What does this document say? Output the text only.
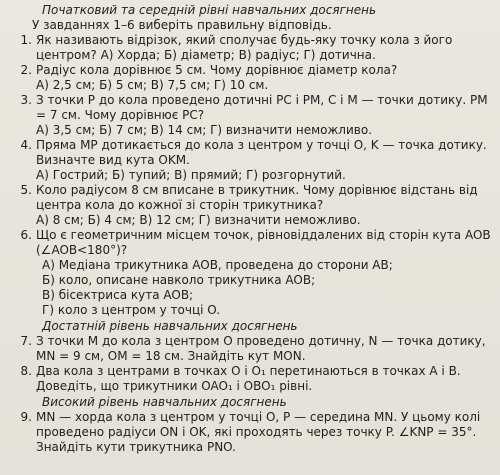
Початковий та середній рівні навчальних досягнень
У завданнях 1–6 виберіть правильну відповідь.
1. Як називають відрізок, який сполучає будь-яку точку кола з його центром? А) Хорда; Б) діаметр; В) радіус; Г) дотична.
2. Радіус кола дорівнює 5 см. Чому дорівнює діаметр кола?
А) 2,5 см; Б) 5 см; В) 7,5 см; Г) 10 см.
3. З точки P до кола проведено дотичні PC і PM, C і M — точки дотику. PM = 7 см. Чому дорівнює PC?
А) 3,5 см; Б) 7 см; В) 14 см; Г) визначити неможливо.
4. Пряма MP дотикається до кола з центром у точці O, K — точка дотику. Визначте вид кута OKM.
А) Гострий; Б) тупий; В) прямий; Г) розгорнутий.
5. Коло радіусом 8 см вписане в трикутник. Чому дорівнює відстань від центра кола до кожної зі сторін трикутника?
А) 8 см; Б) 4 см; В) 12 см; Г) визначити неможливо.
6. Що є геометричним місцем точок, рівновіддалених від сторін кута AOB (∠AOB<180°)?
А) Медіана трикутника AOB, проведена до сторони AB;
Б) коло, описане навколо трикутника AOB;
В) бісектриса кута AOB;
Г) коло з центром у точці O.
Достатній рівень навчальних досягнень
7. З точки M до кола з центром O проведено дотичну, N — точка дотику, MN = 9 см, OM = 18 см. Знайдіть кут MON.
8. Два кола з центрами в точках O і O₁ перетинаються в точках A і B. Доведіть, що трикутники OAO₁ і OBO₁ рівні.
Високий рівень навчальних досягнень
9. MN — хорда кола з центром у точці O, P — середина MN. У цьому колі проведено радіуси ON і OK, які проходять через точку P. ∠KNP = 35°. Знайдіть кути трикутника PNO.
